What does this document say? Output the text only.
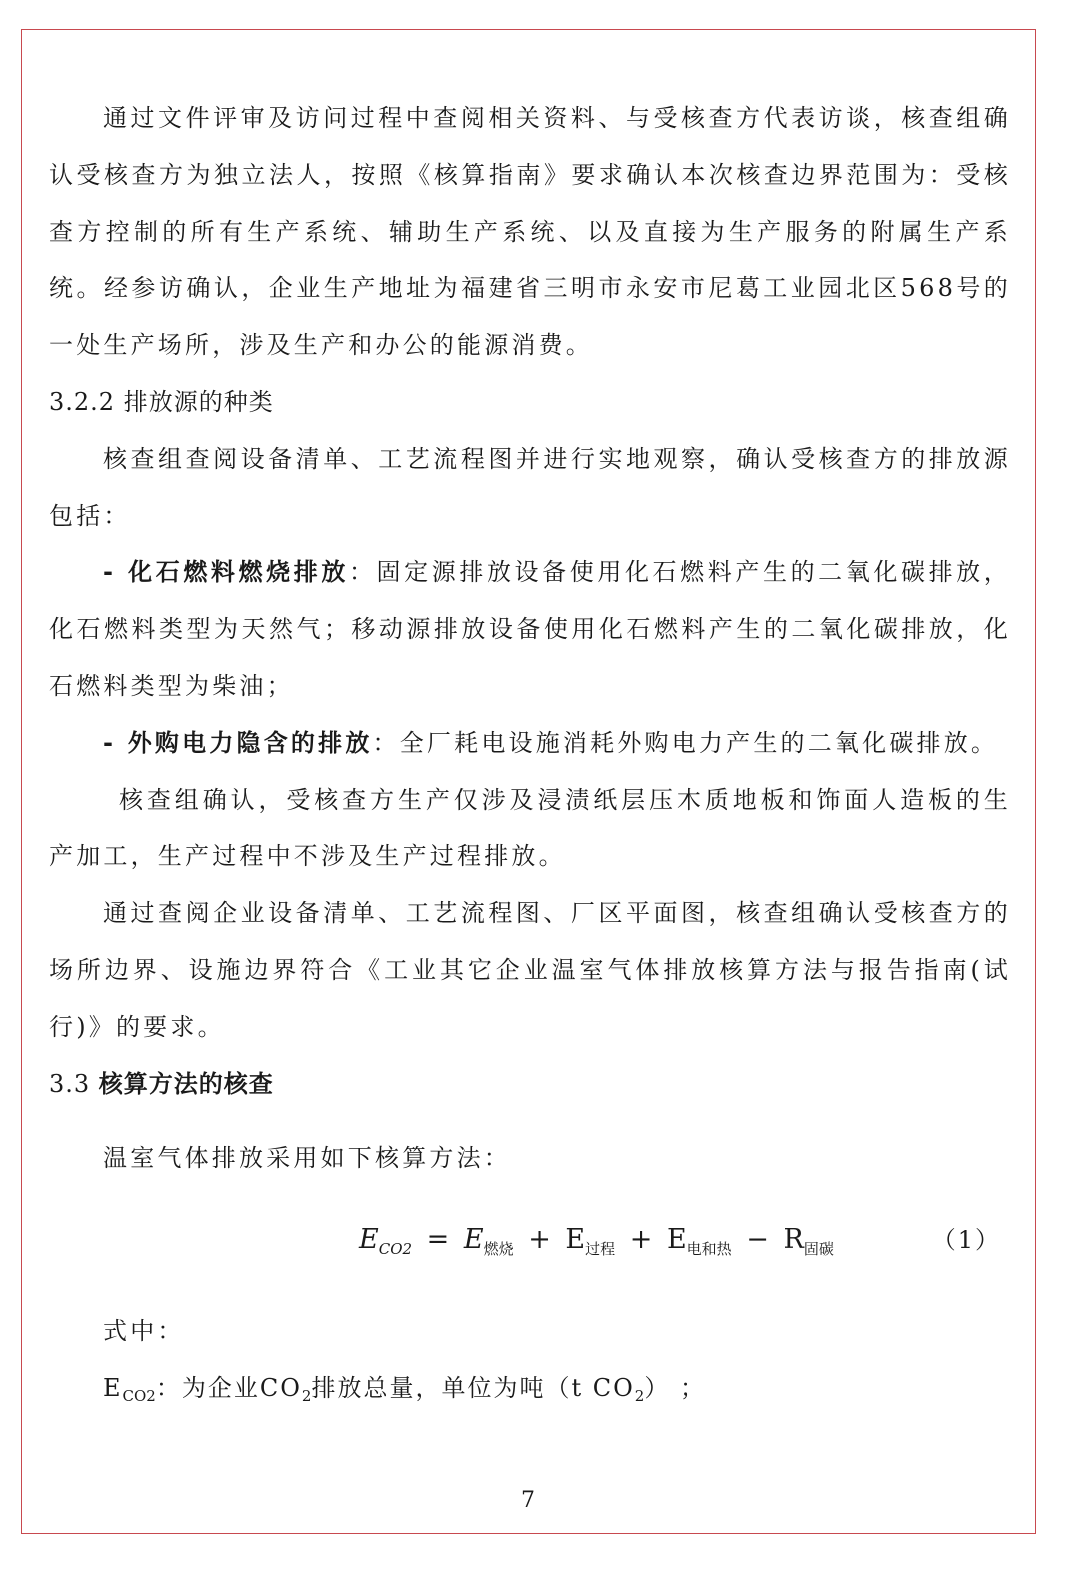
通过文件评审及访问过程中查阅相关资料、与受核查方代表访谈，核查组确认受核查方为独立法人，按照《核算指南》要求确认本次核查边界范围为：受核查方控制的所有生产系统、辅助生产系统、以及直接为生产服务的附属生产系统。经参访确认，企业生产地址为福建省三明市永安市尼葛工业园北区568号的一处生产场所，涉及生产和办公的能源消费。

3.2.2 排放源的种类

核查组查阅设备清单、工艺流程图并进行实地观察，确认受核查方的排放源包括：

- 化石燃料燃烧排放：固定源排放设备使用化石燃料产生的二氧化碳排放，化石燃料类型为天然气；移动源排放设备使用化石燃料产生的二氧化碳排放，化石燃料类型为柴油；

- 外购电力隐含的排放：全厂耗电设施消耗外购电力产生的二氧化碳排放。

核查组确认，受核查方生产仅涉及浸渍纸层压木质地板和饰面人造板的生产加工，生产过程中不涉及生产过程排放。

通过查阅企业设备清单、工艺流程图、厂区平面图，核查组确认受核查方的场所边界、设施边界符合《工业其它企业温室气体排放核算方法与报告指南(试行)》的要求。

3.3 核算方法的核查

温室气体排放采用如下核算方法：

$E_{CO2} = E_{燃烧} + E_{过程} + E_{电和热} - R_{固碳}$	（1）

式中：

$E_{CO2}$：为企业$CO_2$排放总量，单位为吨（t $CO_2$） ；

7
